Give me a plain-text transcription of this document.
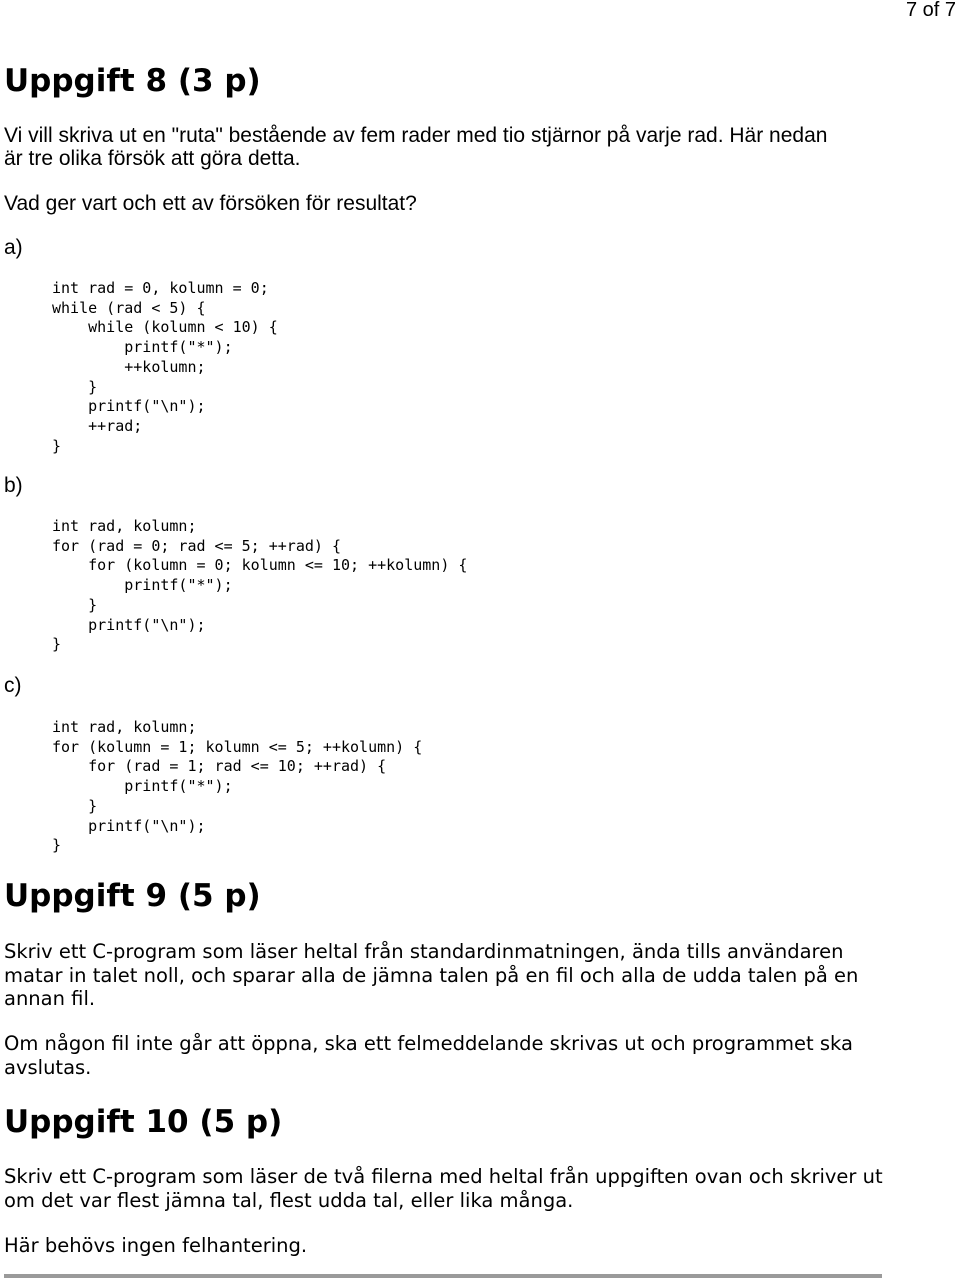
7 of 7
Uppgift 8 (3 p)
Vi vill skriva ut en "ruta" bestående av fem rader med tio stjärnor på varje rad. Här nedan
är tre olika försök att göra detta.
Vad ger vart och ett av försöken för resultat?
a)
int rad = 0, kolumn = 0;
while (rad < 5) {
while (kolumn < 10) {
printf("*");
++kolumn;
}
printf("\n");
++rad;
}
b)
int rad, kolumn;
for (rad = 0; rad <= 5; ++rad) {
for (kolumn = 0; kolumn <= 10; ++kolumn) {
printf("*");
}
printf("\n");
}
c)
int rad, kolumn;
for (kolumn = 1; kolumn <= 5; ++kolumn) {
for (rad = 1; rad <= 10; ++rad) {
printf("*");
}
printf("\n");
}
Uppgift 9 (5 p)
Skriv ett C-program som läser heltal från standardinmatningen, ända tills användaren
matar in talet noll, och sparar alla de jämna talen på en fil och alla de udda talen på en
annan fil.
Om någon fil inte går att öppna, ska ett felmeddelande skrivas ut och programmet ska
avslutas.
Uppgift 10 (5 p)
Skriv ett C-program som läser de två filerna med heltal från uppgiften ovan och skriver ut
om det var flest jämna tal, flest udda tal, eller lika många.
Här behövs ingen felhantering.
